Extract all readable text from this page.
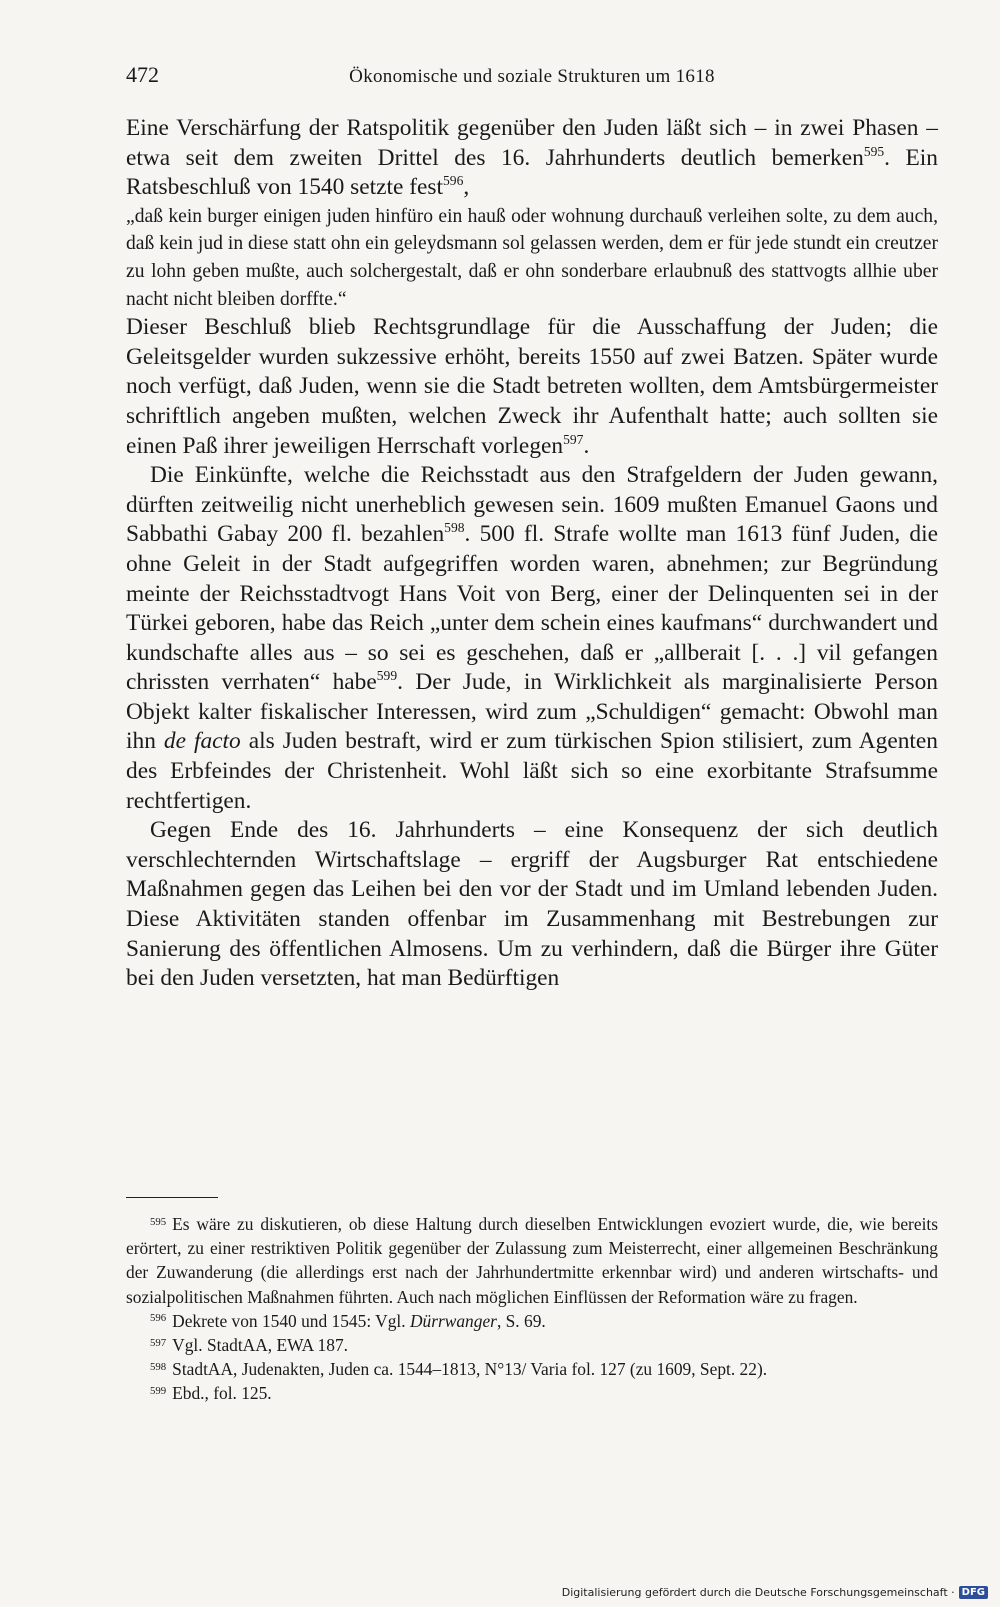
472	Ökonomische und soziale Strukturen um 1618

Eine Verschärfung der Ratspolitik gegenüber den Juden läßt sich – in zwei Phasen – etwa seit dem zweiten Drittel des 16. Jahrhunderts deutlich bemerken$^{595}$. Ein Ratsbeschluß von 1540 setzte fest$^{596}$,

„daß kein burger einigen juden hinfüro ein hauß oder wohnung durchauß verleihen solte, zu dem auch, daß kein jud in diese statt ohn ein geleydsmann sol gelassen werden, dem er für jede stundt ein creutzer zu lohn geben mußte, auch solchergestalt, daß er ohn sonderbare erlaubnuß des stattvogts allhie uber nacht nicht bleiben dorffte.“

Dieser Beschluß blieb Rechtsgrundlage für die Ausschaffung der Juden; die Geleitsgelder wurden sukzessive erhöht, bereits 1550 auf zwei Batzen. Später wurde noch verfügt, daß Juden, wenn sie die Stadt betreten wollten, dem Amtsbürgermeister schriftlich angeben mußten, welchen Zweck ihr Aufenthalt hatte; auch sollten sie einen Paß ihrer jeweiligen Herrschaft vorlegen$^{597}$.

Die Einkünfte, welche die Reichsstadt aus den Strafgeldern der Juden gewann, dürften zeitweilig nicht unerheblich gewesen sein. 1609 mußten Emanuel Gaons und Sabbathi Gabay 200 fl. bezahlen$^{598}$. 500 fl. Strafe wollte man 1613 fünf Juden, die ohne Geleit in der Stadt aufgegriffen worden waren, abnehmen; zur Begründung meinte der Reichsstadtvogt Hans Voit von Berg, einer der Delinquenten sei in der Türkei geboren, habe das Reich „unter dem schein eines kaufmans“ durchwandert und kundschafte alles aus – so sei es geschehen, daß er „allberait [. . .] vil gefangen chrissten verrhaten“ habe$^{599}$. Der Jude, in Wirklichkeit als marginalisierte Person Objekt kalter fiskalischer Interessen, wird zum „Schuldigen“ gemacht: Obwohl man ihn de facto als Juden bestraft, wird er zum türkischen Spion stilisiert, zum Agenten des Erbfeindes der Christenheit. Wohl läßt sich so eine exorbitante Strafsumme rechtfertigen.

Gegen Ende des 16. Jahrhunderts – eine Konsequenz der sich deutlich verschlechternden Wirtschaftslage – ergriff der Augsburger Rat entschiedene Maßnahmen gegen das Leihen bei den vor der Stadt und im Umland lebenden Juden. Diese Aktivitäten standen offenbar im Zusammenhang mit Bestrebungen zur Sanierung des öffentlichen Almosens. Um zu verhindern, daß die Bürger ihre Güter bei den Juden versetzten, hat man Bedürftigen

$^{595}$ Es wäre zu diskutieren, ob diese Haltung durch dieselben Entwicklungen evoziert wurde, die, wie bereits erörtert, zu einer restriktiven Politik gegenüber der Zulassung zum Meisterrecht, einer allgemeinen Beschränkung der Zuwanderung (die allerdings erst nach der Jahrhundertmitte erkennbar wird) und anderen wirtschafts- und sozialpolitischen Maßnahmen führten. Auch nach möglichen Einflüssen der Reformation wäre zu fragen.

$^{596}$ Dekrete von 1540 und 1545: Vgl. Dürrwanger, S. 69.

$^{597}$ Vgl. StadtAA, EWA 187.

$^{598}$ StadtAA, Judenakten, Juden ca. 1544–1813, N°13/ Varia fol. 127 (zu 1609, Sept. 22).

$^{599}$ Ebd., fol. 125.

Digitalisierung gefördert durch die Deutsche Forschungsgemeinschaft · DFG
